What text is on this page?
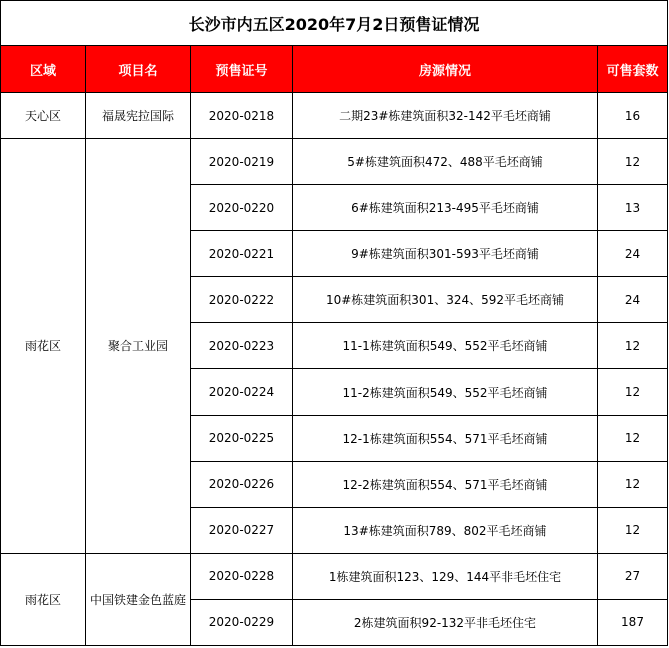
长沙市内五区2020年7月2日预售证情况				
区域	项目名	预售证号	房源情况	可售套数
天心区	福晟宪拉国际	2020-0218	二期23#栋建筑面积32-142平毛坯商铺	16
雨花区	聚合工业园	2020-0219	5#栋建筑面积472、488平毛坯商铺	12
		2020-0220	6#栋建筑面积213-495平毛坯商铺	13
		2020-0221	9#栋建筑面积301-593平毛坯商铺	24
		2020-0222	10#栋建筑面积301、324、592平毛坯商铺	24
		2020-0223	11-1栋建筑面积549、552平毛坯商铺	12
		2020-0224	11-2栋建筑面积549、552平毛坯商铺	12
		2020-0225	12-1栋建筑面积554、571平毛坯商铺	12
		2020-0226	12-2栋建筑面积554、571平毛坯商铺	12
		2020-0227	13#栋建筑面积789、802平毛坯商铺	12
雨花区	中国铁建金色蓝庭	2020-0228	1栋建筑面积123、129、144平非毛坯住宅	27
		2020-0229	2栋建筑面积92-132平非毛坯住宅	187
